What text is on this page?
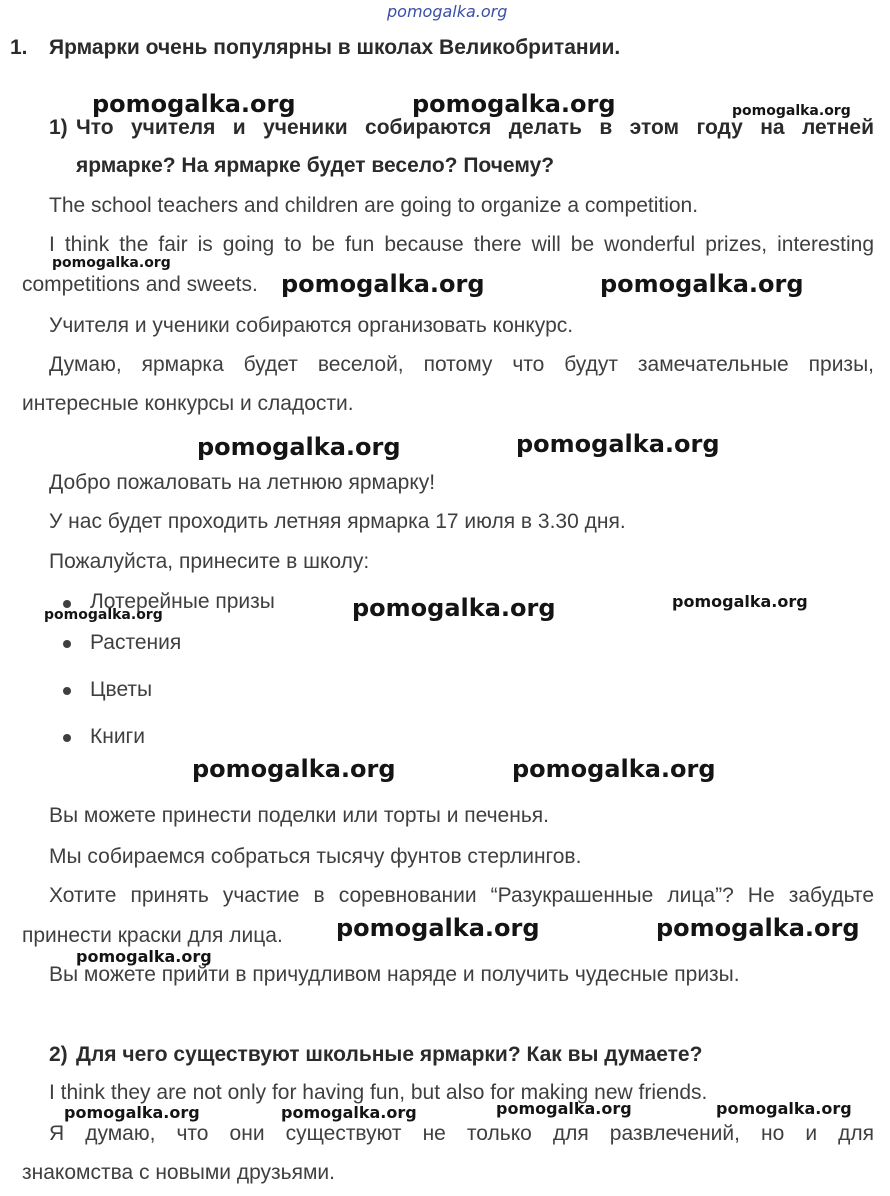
pomogalka.org
1. Ярмарки очень популярны в школах Великобритании.
1) Что учителя и ученики собираются делать в этом году на летней
ярмарке? На ярмарке будет весело? Почему?
The school teachers and children are going to organize a competition.
I think the fair is going to be fun because there will be wonderful prizes, interesting
competitions and sweets.
Учителя и ученики собираются организовать конкурс.
Думаю, ярмарка будет веселой, потому что будут замечательные призы,
интересные конкурсы и сладости.
Добро пожаловать на летнюю ярмарку!
У нас будет проходить летняя ярмарка 17 июля в 3.30 дня.
Пожалуйста, принесите в школу:
Лотерейные призы
Растения
Цветы
Книги
Вы можете принести поделки или торты и печенья.
Мы собираемся собраться тысячу фунтов стерлингов.
Хотите принять участие в соревновании “Разукрашенные лица”? Не забудьте
принести краски для лица.
Вы можете прийти в причудливом наряде и получить чудесные призы.
2) Для чего существуют школьные ярмарки? Как вы думаете?
I think they are not only for having fun, but also for making new friends.
Я думаю, что они существуют не только для развлечений, но и для
знакомства с новыми друзьями.
pomogalka.org	pomogalka.org	pomogalka.org
pomogalka.org
pomogalka.org	pomogalka.org
pomogalka.org	pomogalka.org
pomogalka.org	pomogalka.org	pomogalka.org
pomogalka.org	pomogalka.org
pomogalka.org	pomogalka.org
pomogalka.org
pomogalka.org	pomogalka.org	pomogalka.org	pomogalka.org
